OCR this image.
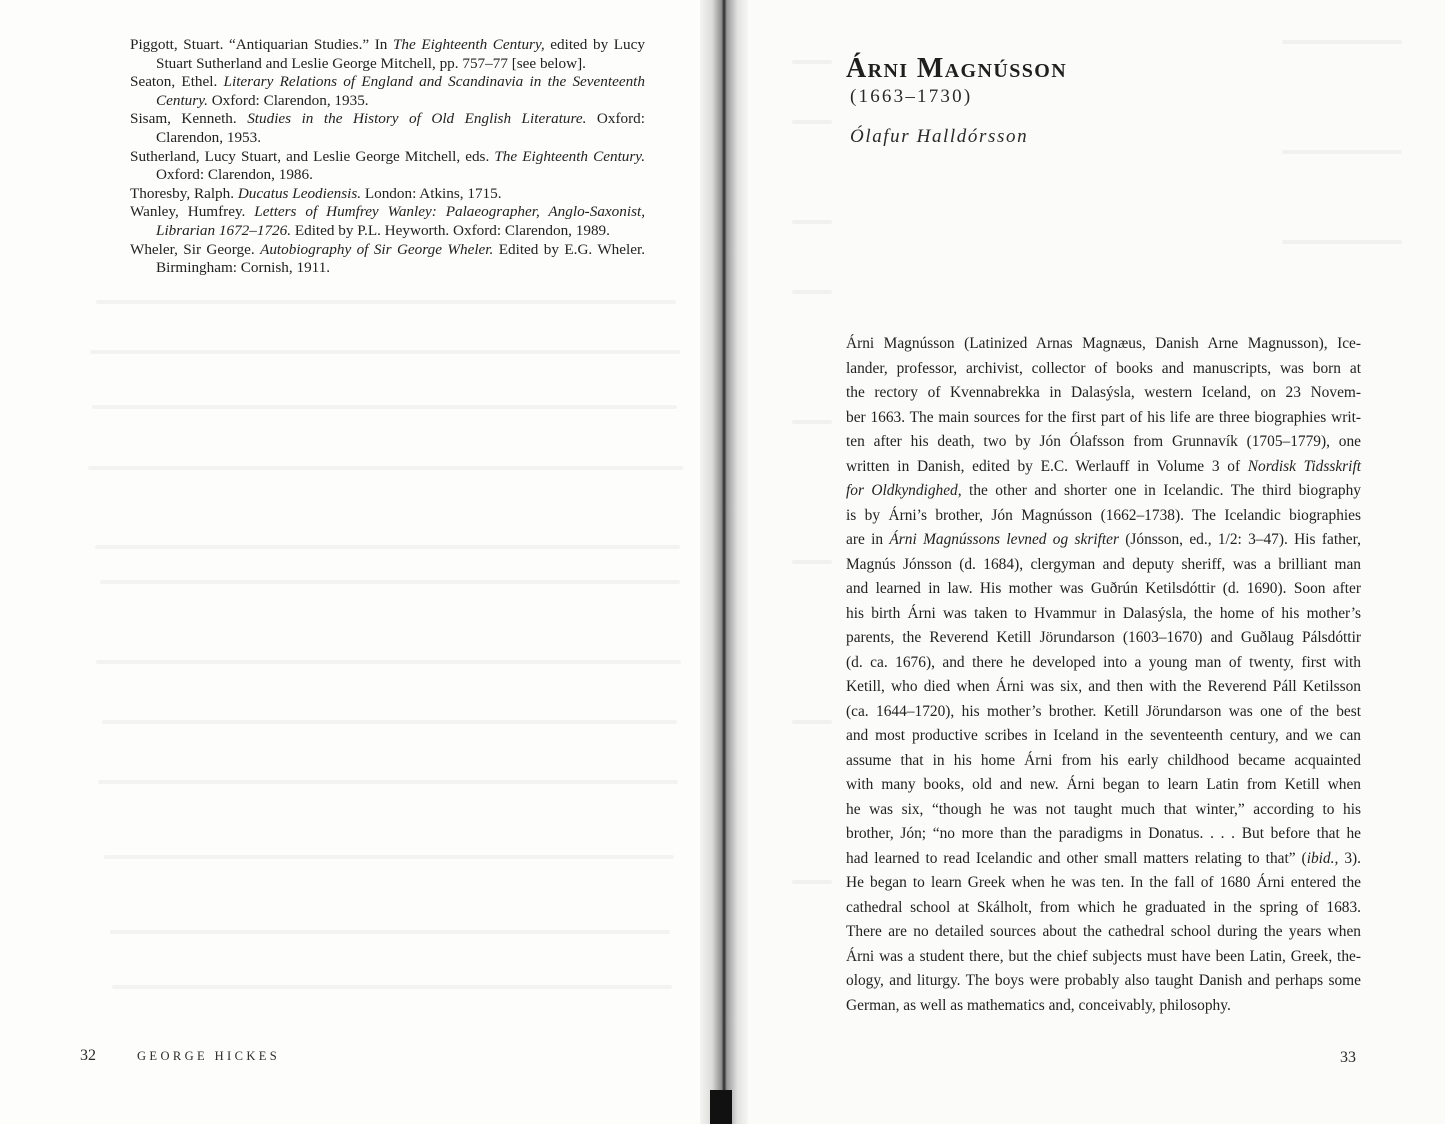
Piggott, Stuart. “Antiquarian Studies.” In The Eighteenth Century, edited by Lucy Stuart Sutherland and Leslie George Mitchell, pp. 757–77 [see below].
Seaton, Ethel. Literary Relations of England and Scandinavia in the Seventeenth Century. Oxford: Clarendon, 1935.
Sisam, Kenneth. Studies in the History of Old English Literature. Oxford: Clarendon, 1953.
Sutherland, Lucy Stuart, and Leslie George Mitchell, eds. The Eighteenth Century. Oxford: Clarendon, 1986.
Thoresby, Ralph. Ducatus Leodiensis. London: Atkins, 1715.
Wanley, Humfrey. Letters of Humfrey Wanley: Palaeographer, Anglo-Saxonist, Librarian 1672–1726. Edited by P.L. Heyworth. Oxford: Clarendon, 1989.
Wheler, Sir George. Autobiography of Sir George Wheler. Edited by E.G. Wheler. Birmingham: Cornish, 1911.
32	GEORGE HICKES
Árni Magnússon
(1663–1730)
Ólafur Halldórsson
Árni Magnússon (Latinized Arnas Magnæus, Danish Arne Magnusson), Ice-
lander, professor, archivist, collector of books and manuscripts, was born at
the rectory of Kvennabrekka in Dalasýsla, western Iceland, on 23 Novem-
ber 1663. The main sources for the first part of his life are three biographies writ-
ten after his death, two by Jón Ólafsson from Grunnavík (1705–1779), one
written in Danish, edited by E.C. Werlauff in Volume 3 of Nordisk Tidsskrift
for Oldkyndighed, the other and shorter one in Icelandic. The third biography
is by Árni’s brother, Jón Magnússon (1662–1738). The Icelandic biographies
are in Árni Magnússons levned og skrifter (Jónsson, ed., 1/2: 3–47). His father,
Magnús Jónsson (d. 1684), clergyman and deputy sheriff, was a brilliant man
and learned in law. His mother was Guðrún Ketilsdóttir (d. 1690). Soon after
his birth Árni was taken to Hvammur in Dalasýsla, the home of his mother’s
parents, the Reverend Ketill Jörundarson (1603–1670) and Guðlaug Pálsdóttir
(d. ca. 1676), and there he developed into a young man of twenty, first with
Ketill, who died when Árni was six, and then with the Reverend Páll Ketilsson
(ca. 1644–1720), his mother’s brother. Ketill Jörundarson was one of the best
and most productive scribes in Iceland in the seventeenth century, and we can
assume that in his home Árni from his early childhood became acquainted
with many books, old and new. Árni began to learn Latin from Ketill when
he was six, “though he was not taught much that winter,” according to his
brother, Jón; “no more than the paradigms in Donatus. . . . But before that he
had learned to read Icelandic and other small matters relating to that” (ibid., 3).
He began to learn Greek when he was ten. In the fall of 1680 Árni entered the
cathedral school at Skálholt, from which he graduated in the spring of 1683.
There are no detailed sources about the cathedral school during the years when
Árni was a student there, but the chief subjects must have been Latin, Greek, the-
ology, and liturgy. The boys were probably also taught Danish and perhaps some
German, as well as mathematics and, conceivably, philosophy.
33
